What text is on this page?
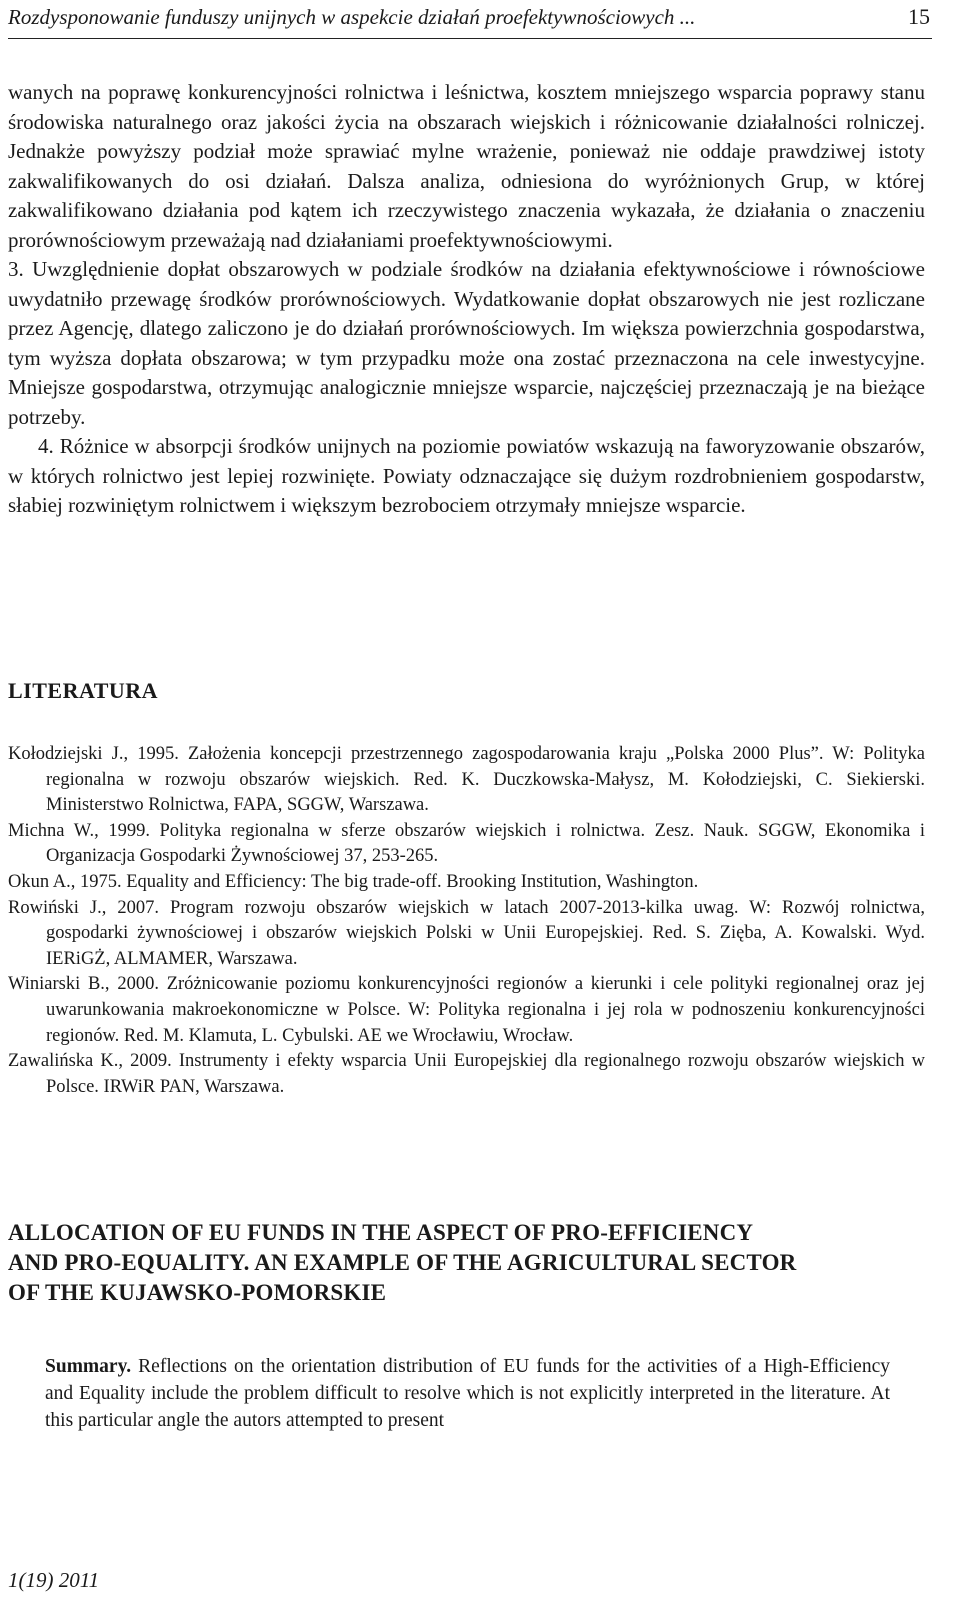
Rozdysponowanie funduszy unijnych w aspekcie działań proefektywnościowych ...	15

wanych na poprawę konkurencyjności rolnictwa i leśnictwa, kosztem mniejszego wsparcia poprawy stanu środowiska naturalnego oraz jakości życia na obszarach wiejskich i różnicowanie działalności rolniczej. Jednakże powyższy podział może sprawiać mylne wrażenie, ponieważ nie oddaje prawdziwej istoty zakwalifikowanych do osi działań. Dalsza analiza, odniesiona do wyróżnionych Grup, w której zakwalifikowano działania pod kątem ich rzeczywistego znaczenia wykazała, że działania o znaczeniu prorównościowym przeważają nad działaniami proefektywnościowymi.

3. Uwzględnienie dopłat obszarowych w podziale środków na działania efektywnościowe i równościowe uwydatniło przewagę środków prorównościowych. Wydatkowanie dopłat obszarowych nie jest rozliczane przez Agencję, dlatego zaliczono je do działań prorównościowych. Im większa powierzchnia gospodarstwa, tym wyższa dopłata obszarowa; w tym przypadku może ona zostać przeznaczona na cele inwestycyjne. Mniejsze gospodarstwa, otrzymując analogicznie mniejsze wsparcie, najczęściej przeznaczają je na bieżące potrzeby.

4. Różnice w absorpcji środków unijnych na poziomie powiatów wskazują na faworyzowanie obszarów, w których rolnictwo jest lepiej rozwinięte. Powiaty odznaczające się dużym rozdrobnieniem gospodarstw, słabiej rozwiniętym rolnictwem i większym bezrobociem otrzymały mniejsze wsparcie.

LITERATURA

Kołodziejski J., 1995. Założenia koncepcji przestrzennego zagospodarowania kraju „Polska 2000 Plus”. W: Polityka regionalna w rozwoju obszarów wiejskich. Red. K. Duczkowska-Małysz, M. Kołodziejski, C. Siekierski. Ministerstwo Rolnictwa, FAPA, SGGW, Warszawa.

Michna W., 1999. Polityka regionalna w sferze obszarów wiejskich i rolnictwa. Zesz. Nauk. SGGW, Ekonomika i Organizacja Gospodarki Żywnościowej 37, 253-265.

Okun A., 1975. Equality and Efficiency: The big trade-off. Brooking Institution, Washington.

Rowiński J., 2007. Program rozwoju obszarów wiejskich w latach 2007-2013-kilka uwag. W: Rozwój rolnictwa, gospodarki żywnościowej i obszarów wiejskich Polski w Unii Europejskiej. Red. S. Zięba, A. Kowalski. Wyd. IERiGŻ, ALMAMER, Warszawa.

Winiarski B., 2000. Zróżnicowanie poziomu konkurencyjności regionów a kierunki i cele polityki regionalnej oraz jej uwarunkowania makroekonomiczne w Polsce. W: Polityka regionalna i jej rola w podnoszeniu konkurencyjności regionów. Red. M. Klamuta, L. Cybulski. AE we Wrocławiu, Wrocław.

Zawalińska K., 2009. Instrumenty i efekty wsparcia Unii Europejskiej dla regionalnego rozwoju obszarów wiejskich w Polsce. IRWiR PAN, Warszawa.

ALLOCATION OF EU FUNDS IN THE ASPECT OF PRO-EFFICIENCY
AND PRO-EQUALITY. AN EXAMPLE OF THE AGRICULTURAL SECTOR
OF THE KUJAWSKO-POMORSKIE
Summary. Reflections on the orientation distribution of EU funds for the activities of a High-Efficiency and Equality include the problem difficult to resolve which is not explicitly interpreted in the literature. At this particular angle the autors attempted to present
1(19) 2011
